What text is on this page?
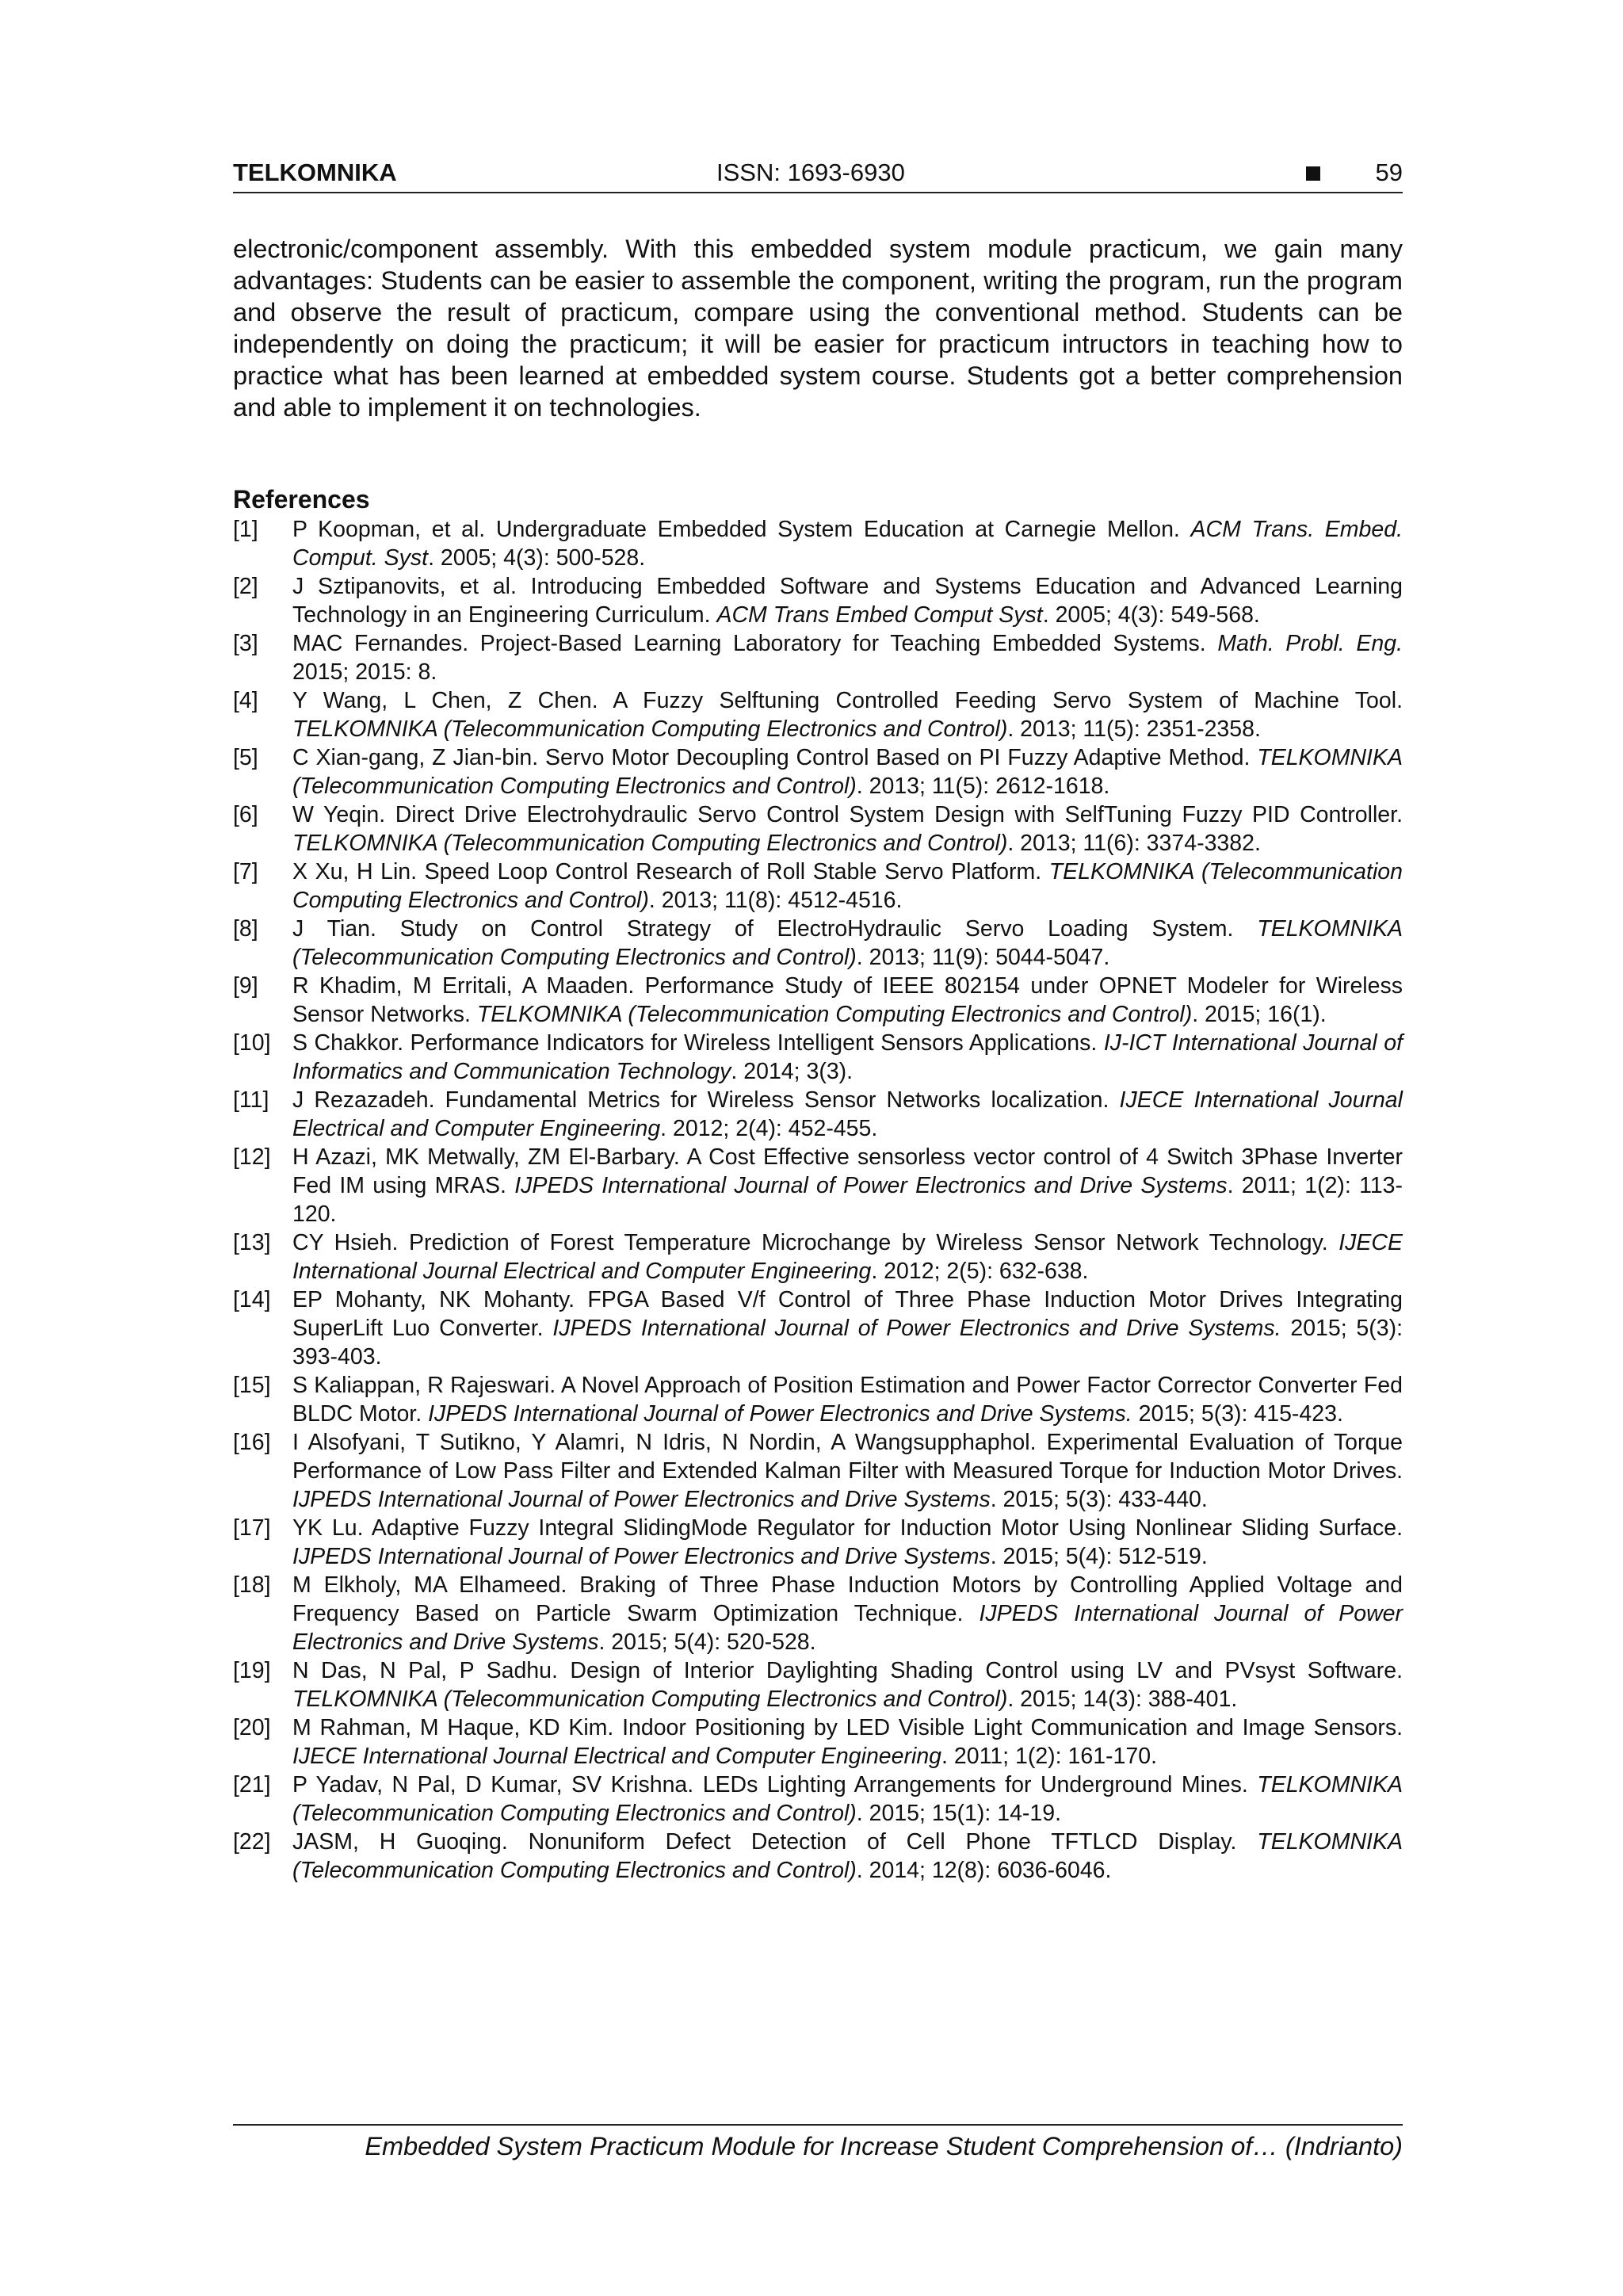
TELKOMNIKA	ISSN: 1693-6930	59

electronic/component assembly. With this embedded system module practicum, we gain many advantages: Students can be easier to assemble the component, writing the program, run the program and observe the result of practicum, compare using the conventional method. Students can be independently on doing the practicum; it will be easier for practicum intructors in teaching how to practice what has been learned at embedded system course. Students got a better comprehension and able to implement it on technologies.

References
[1]	P Koopman, et al. Undergraduate Embedded System Education at Carnegie Mellon. ACM Trans. Embed. Comput. Syst. 2005; 4(3): 500-528.
[2]	J Sztipanovits, et al. Introducing Embedded Software and Systems Education and Advanced Learning Technology in an Engineering Curriculum. ACM Trans Embed Comput Syst. 2005; 4(3): 549-568.
[3]	MAC Fernandes. Project-Based Learning Laboratory for Teaching Embedded Systems. Math. Probl. Eng. 2015; 2015: 8.
[4]	Y Wang, L Chen, Z Chen. A Fuzzy Selftuning Controlled Feeding Servo System of Machine Tool. TELKOMNIKA (Telecommunication Computing Electronics and Control). 2013; 11(5): 2351-2358.
[5]	C Xian-gang, Z Jian-bin. Servo Motor Decoupling Control Based on PI Fuzzy Adaptive Method. TELKOMNIKA (Telecommunication Computing Electronics and Control). 2013; 11(5): 2612-1618.
[6]	W Yeqin. Direct Drive Electrohydraulic Servo Control System Design with SelfTuning Fuzzy PID Controller. TELKOMNIKA (Telecommunication Computing Electronics and Control). 2013; 11(6): 3374-3382.
[7]	X Xu, H Lin. Speed Loop Control Research of Roll Stable Servo Platform. TELKOMNIKA (Telecommunication Computing Electronics and Control). 2013; 11(8): 4512-4516.
[8]	J Tian. Study on Control Strategy of ElectroHydraulic Servo Loading System. TELKOMNIKA (Telecommunication Computing Electronics and Control). 2013; 11(9): 5044-5047.
[9]	R Khadim, M Erritali, A Maaden. Performance Study of IEEE 802154 under OPNET Modeler for Wireless Sensor Networks. TELKOMNIKA (Telecommunication Computing Electronics and Control). 2015; 16(1).
[10] S Chakkor. Performance Indicators for Wireless Intelligent Sensors Applications. IJ-ICT International Journal of Informatics and Communication Technology. 2014; 3(3).
[11]	J Rezazadeh. Fundamental Metrics for Wireless Sensor Networks localization. IJECE International Journal Electrical and Computer Engineering. 2012; 2(4): 452-455.
[12] H Azazi, MK Metwally, ZM El-Barbary. A Cost Effective sensorless vector control of 4 Switch 3Phase Inverter Fed IM using MRAS. IJPEDS International Journal of Power Electronics and Drive Systems. 2011; 1(2): 113-120.
[13] CY Hsieh. Prediction of Forest Temperature Microchange by Wireless Sensor Network Technology. IJECE International Journal Electrical and Computer Engineering. 2012; 2(5): 632-638.
[14] EP Mohanty, NK Mohanty. FPGA Based V/f Control of Three Phase Induction Motor Drives Integrating SuperLift Luo Converter. IJPEDS International Journal of Power Electronics and Drive Systems. 2015; 5(3): 393-403.
[15] S Kaliappan, R Rajeswari. A Novel Approach of Position Estimation and Power Factor Corrector Converter Fed BLDC Motor. IJPEDS International Journal of Power Electronics and Drive Systems. 2015; 5(3): 415-423.
[16] I Alsofyani, T Sutikno, Y Alamri, N Idris, N Nordin, A Wangsupphaphol. Experimental Evaluation of Torque Performance of Low Pass Filter and Extended Kalman Filter with Measured Torque for Induction Motor Drives. IJPEDS International Journal of Power Electronics and Drive Systems. 2015; 5(3): 433-440.
[17] YK Lu. Adaptive Fuzzy Integral SlidingMode Regulator for Induction Motor Using Nonlinear Sliding Surface. IJPEDS International Journal of Power Electronics and Drive Systems. 2015; 5(4): 512-519.
[18] M Elkholy, MA Elhameed. Braking of Three Phase Induction Motors by Controlling Applied Voltage and Frequency Based on Particle Swarm Optimization Technique. IJPEDS International Journal of Power Electronics and Drive Systems. 2015; 5(4): 520-528.
[19] N Das, N Pal, P Sadhu. Design of Interior Daylighting Shading Control using LV and PVsyst Software. TELKOMNIKA (Telecommunication Computing Electronics and Control). 2015; 14(3): 388-401.
[20] M Rahman, M Haque, KD Kim. Indoor Positioning by LED Visible Light Communication and Image Sensors. IJECE International Journal Electrical and Computer Engineering. 2011; 1(2): 161-170.
[21] P Yadav, N Pal, D Kumar, SV Krishna. LEDs Lighting Arrangements for Underground Mines. TELKOMNIKA (Telecommunication Computing Electronics and Control). 2015; 15(1): 14-19.
[22] JASM, H Guoqing. Nonuniform Defect Detection of Cell Phone TFTLCD Display. TELKOMNIKA (Telecommunication Computing Electronics and Control). 2014; 12(8): 6036-6046.
Embedded System Practicum Module for Increase Student Comprehension of… (Indrianto)
